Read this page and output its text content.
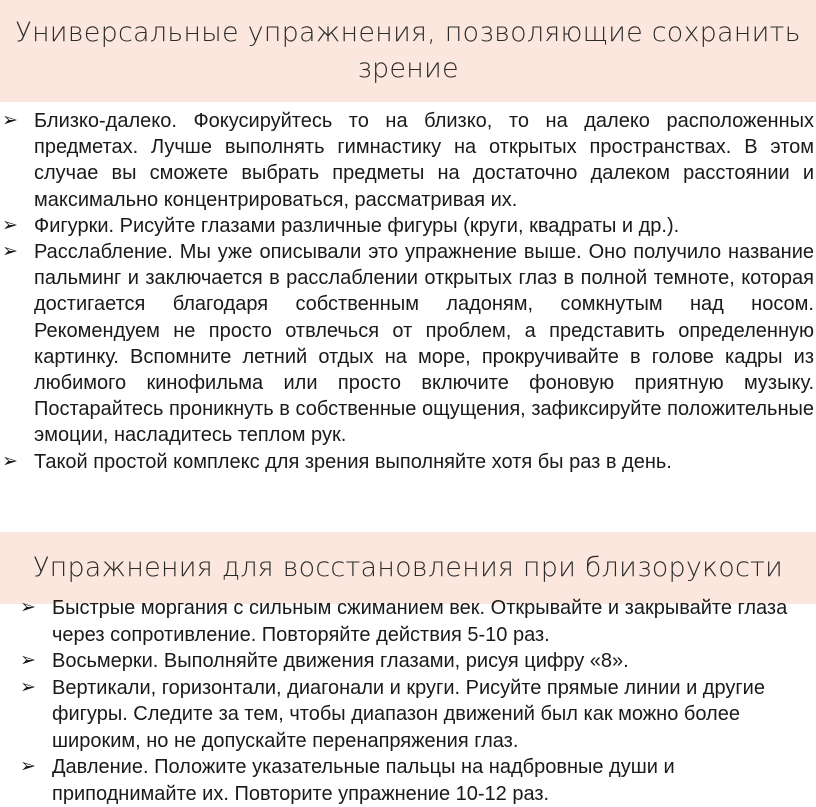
Универсальные упражнения, позволяющие сохранить зрение
➢ Близко-далеко. Фокусируйтесь то на близко, то на далеко расположенных предметах. Лучше выполнять гимнастику на открытых пространствах. В этом случае вы сможете выбрать предметы на достаточно далеком расстоянии и максимально концентрироваться, рассматривая их.
➢ Фигурки. Рисуйте глазами различные фигуры (круги, квадраты и др.).
➢ Расслабление. Мы уже описывали это упражнение выше. Оно получило название пальминг и заключается в расслаблении открытых глаз в полной темноте, которая достигается благодаря собственным ладоням, сомкнутым над носом. Рекомендуем не просто отвлечься от проблем, а представить определенную картинку. Вспомните летний отдых на море, прокручивайте в голове кадры из любимого кинофильма или просто включите фоновую приятную музыку. Постарайтесь проникнуть в собственные ощущения, зафиксируйте положительные эмоции, насладитесь теплом рук.
➢ Такой простой комплекс для зрения выполняйте хотя бы раз в день.
Упражнения для восстановления при близорукости
➢ Быстрые моргания с сильным сжиманием век. Открывайте и закрывайте глаза через сопротивление. Повторяйте действия 5-10 раз.
➢ Восьмерки. Выполняйте движения глазами, рисуя цифру «8».
➢ Вертикали, горизонтали, диагонали и круги. Рисуйте прямые линии и другие фигуры. Следите за тем, чтобы диапазон движений был как можно более широким, но не допускайте перенапряжения глаз.
➢ Давление. Положите указательные пальцы на надбровные души и приподнимайте их. Повторите упражнение 10-12 раз.
